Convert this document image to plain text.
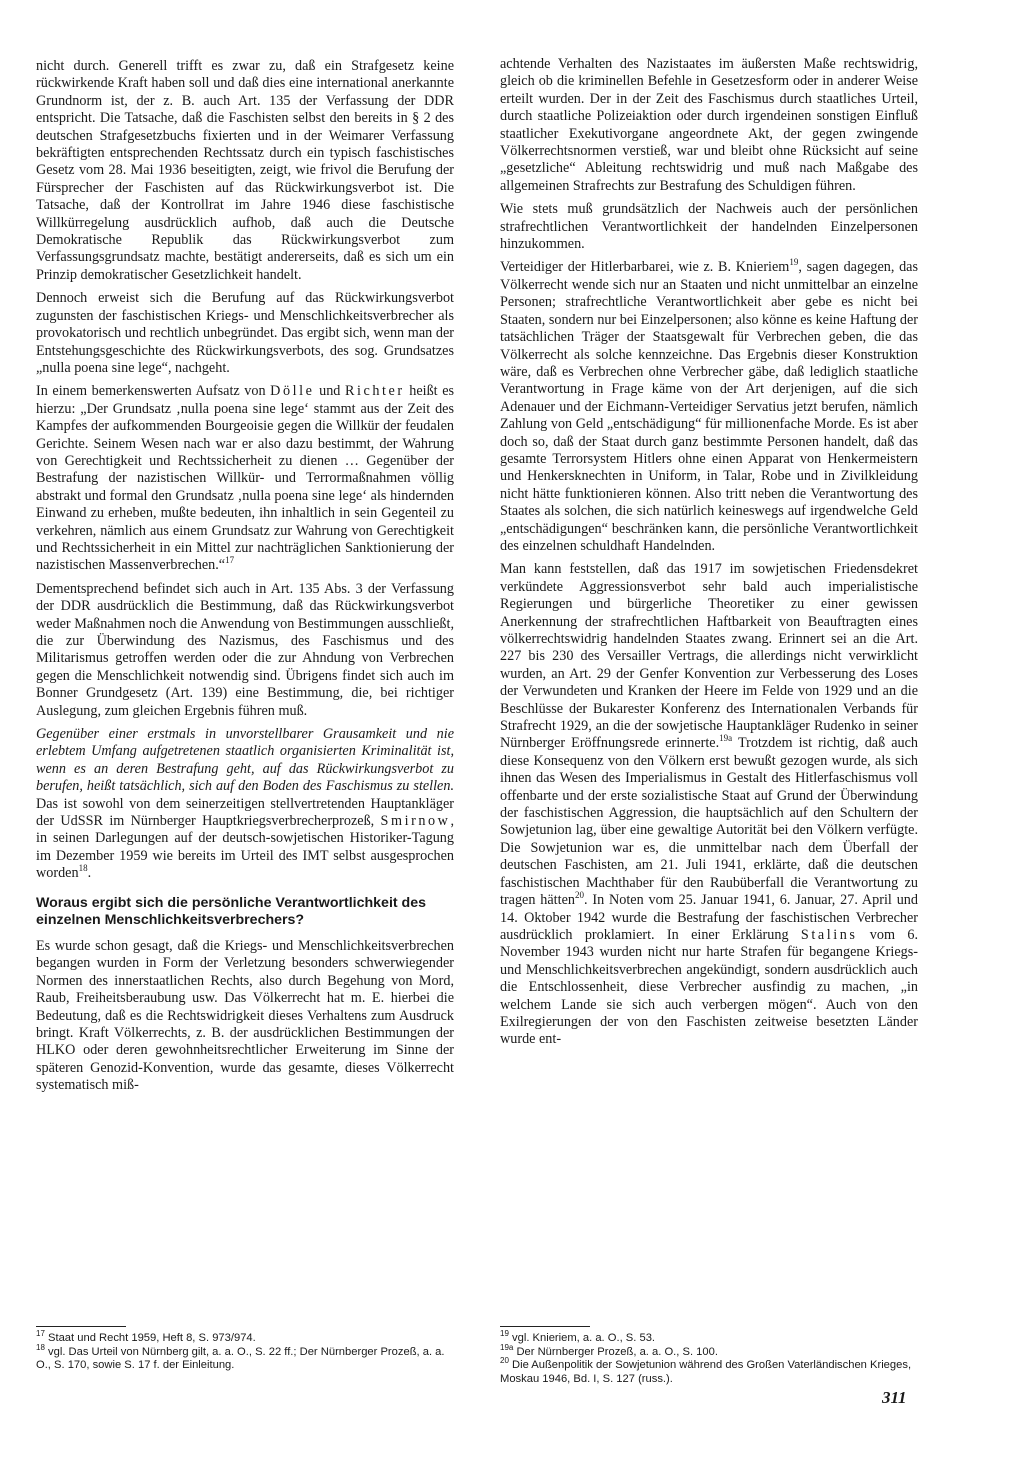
nicht durch. Generell trifft es zwar zu, daß ein Strafgesetz keine rückwirkende Kraft haben soll und daß dies eine international anerkannte Grundnorm ist, der z. B. auch Art. 135 der Verfassung der DDR entspricht. Die Tatsache, daß die Faschisten selbst den bereits in § 2 des deutschen Strafgesetzbuchs fixierten und in der Weimarer Verfassung bekräftigten entsprechenden Rechtssatz durch ein typisch faschistisches Gesetz vom 28. Mai 1936 beseitigten, zeigt, wie frivol die Berufung der Fürsprecher der Faschisten auf das Rückwirkungsverbot ist. Die Tatsache, daß der Kontrollrat im Jahre 1946 diese faschistische Willkürregelung ausdrücklich aufhob, daß auch die Deutsche Demokratische Republik das Rückwirkungsverbot zum Verfassungsgrundsatz machte, bestätigt andererseits, daß es sich um ein Prinzip demokratischer Gesetzlichkeit handelt.

Dennoch erweist sich die Berufung auf das Rückwirkungsverbot zugunsten der faschistischen Kriegs- und Menschlichkeitsverbrecher als provokatorisch und rechtlich unbegründet. Das ergibt sich, wenn man der Entstehungsgeschichte des Rückwirkungsverbots, des sog. Grundsatzes „nulla poena sine lege“, nachgeht.

In einem bemerkenswerten Aufsatz von Dölle und Richter heißt es hierzu: „Der Grundsatz ‚nulla poena sine lege‘ stammt aus der Zeit des Kampfes der aufkommenden Bourgeoisie gegen die Willkür der feudalen Gerichte. Seinem Wesen nach war er also dazu bestimmt, der Wahrung von Gerechtigkeit und Rechtssicherheit zu dienen … Gegenüber der Bestrafung der nazistischen Willkür- und Terrormaßnahmen völlig abstrakt und formal den Grundsatz ‚nulla poena sine lege‘ als hindernden Einwand zu erheben, mußte bedeuten, ihn inhaltlich in sein Gegenteil zu verkehren, nämlich aus einem Grundsatz zur Wahrung von Gerechtigkeit und Rechtssicherheit in ein Mittel zur nachträglichen Sanktionierung der nazistischen Massenverbrechen.“$^{17}$

Dementsprechend befindet sich auch in Art. 135 Abs. 3 der Verfassung der DDR ausdrücklich die Bestimmung, daß das Rückwirkungsverbot weder Maßnahmen noch die Anwendung von Bestimmungen ausschließt, die zur Überwindung des Nazismus, des Faschismus und des Militarismus getroffen werden oder die zur Ahndung von Verbrechen gegen die Menschlichkeit notwendig sind. Übrigens findet sich auch im Bonner Grundgesetz (Art. 139) eine Bestimmung, die, bei richtiger Auslegung, zum gleichen Ergebnis führen muß.

Gegenüber einer erstmals in unvorstellbarer Grausamkeit und nie erlebtem Umfang aufgetretenen staatlich organisierten Kriminalität ist, wenn es an deren Bestrafung geht, auf das Rückwirkungsverbot zu berufen, heißt tatsächlich, sich auf den Boden des Faschismus zu stellen. Das ist sowohl von dem seinerzeitigen stellvertretenden Hauptankläger der UdSSR im Nürnberger Hauptkriegsverbrecherprozeß, Smirnow, in seinen Darlegungen auf der deutsch-sowjetischen Historiker-Tagung im Dezember 1959 wie bereits im Urteil des IMT selbst ausgesprochen worden$^{18}$.

Woraus ergibt sich die persönliche Verantwortlichkeit des einzelnen Menschlichkeitsverbrechers?

Es wurde schon gesagt, daß die Kriegs- und Menschlichkeitsverbrechen begangen wurden in Form der Verletzung besonders schwerwiegender Normen des innerstaatlichen Rechts, also durch Begehung von Mord, Raub, Freiheitsberaubung usw. Das Völkerrecht hat m. E. hierbei die Bedeutung, daß es die Rechtswidrigkeit dieses Verhaltens zum Ausdruck bringt. Kraft Völkerrechts, z. B. der ausdrücklichen Bestimmungen der HLKO oder deren gewohnheitsrechtlicher Erweiterung im Sinne der späteren Genozid-Konvention, wurde das gesamte, dieses Völkerrecht systematisch miß-

achtende Verhalten des Nazistaates im äußersten Maße rechtswidrig, gleich ob die kriminellen Befehle in Gesetzesform oder in anderer Weise erteilt wurden. Der in der Zeit des Faschismus durch staatliches Urteil, durch staatliche Polizeiaktion oder durch irgendeinen sonstigen Einfluß staatlicher Exekutivorgane angeordnete Akt, der gegen zwingende Völkerrechtsnormen verstieß, war und bleibt ohne Rücksicht auf seine „gesetzliche“ Ableitung rechtswidrig und muß nach Maßgabe des allgemeinen Strafrechts zur Bestrafung des Schuldigen führen.

Wie stets muß grundsätzlich der Nachweis auch der persönlichen strafrechtlichen Verantwortlichkeit der handelnden Einzelpersonen hinzukommen.

Verteidiger der Hitlerbarbarei, wie z. B. Knieriem$^{19}$, sagen dagegen, das Völkerrecht wende sich nur an Staaten und nicht unmittelbar an einzelne Personen; strafrechtliche Verantwortlichkeit aber gebe es nicht bei Staaten, sondern nur bei Einzelpersonen; also könne es keine Haftung der tatsächlichen Träger der Staatsgewalt für Verbrechen geben, die das Völkerrecht als solche kennzeichne. Das Ergebnis dieser Konstruktion wäre, daß es Verbrechen ohne Verbrecher gäbe, daß lediglich staatliche Verantwortung in Frage käme von der Art derjenigen, auf die sich Adenauer und der Eichmann-Verteidiger Servatius jetzt berufen, nämlich Zahlung von Geld „entschädigung“ für millionenfache Morde. Es ist aber doch so, daß der Staat durch ganz bestimmte Personen handelt, daß das gesamte Terrorsystem Hitlers ohne einen Apparat von Henkermeistern und Henkersknechten in Uniform, in Talar, Robe und in Zivilkleidung nicht hätte funktionieren können. Also tritt neben die Verantwortung des Staates als solchen, die sich natürlich keineswegs auf irgendwelche Geld „entschädigungen“ beschränken kann, die persönliche Verantwortlichkeit des einzelnen schuldhaft Handelnden.

Man kann feststellen, daß das 1917 im sowjetischen Friedensdekret verkündete Aggressionsverbot sehr bald auch imperialistische Regierungen und bürgerliche Theoretiker zu einer gewissen Anerkennung der strafrechtlichen Haftbarkeit von Beauftragten eines völkerrechtswidrig handelnden Staates zwang. Erinnert sei an die Art. 227 bis 230 des Versailler Vertrags, die allerdings nicht verwirklicht wurden, an Art. 29 der Genfer Konvention zur Verbesserung des Loses der Verwundeten und Kranken der Heere im Felde von 1929 und an die Beschlüsse der Bukarester Konferenz des Internationalen Verbands für Strafrecht 1929, an die der sowjetische Hauptankläger Rudenko in seiner Nürnberger Eröffnungsrede erinnerte.$^{19a}$ Trotzdem ist richtig, daß auch diese Konsequenz von den Völkern erst bewußt gezogen wurde, als sich ihnen das Wesen des Imperialismus in Gestalt des Hitlerfaschismus voll offenbarte und der erste sozialistische Staat auf Grund der Überwindung der faschistischen Aggression, die hauptsächlich auf den Schultern der Sowjetunion lag, über eine gewaltige Autorität bei den Völkern verfügte. Die Sowjetunion war es, die unmittelbar nach dem Überfall der deutschen Faschisten, am 21. Juli 1941, erklärte, daß die deutschen faschistischen Machthaber für den Raubüberfall die Verantwortung zu tragen hätten$^{20}$. In Noten vom 25. Januar 1941, 6. Januar, 27. April und 14. Oktober 1942 wurde die Bestrafung der faschistischen Verbrecher ausdrücklich proklamiert. In einer Erklärung Stalins vom 6. November 1943 wurden nicht nur harte Strafen für begangene Kriegs- und Menschlichkeitsverbrechen angekündigt, sondern ausdrücklich auch die Entschlossenheit, diese Verbrecher ausfindig zu machen, „in welchem Lande sie sich auch verbergen mögen“. Auch von den Exilregierungen der von den Faschisten zeitweise besetzten Länder wurde ent-

$^{17}$ Staat und Recht 1959, Heft 8, S. 973/974.
$^{18}$ vgl. Das Urteil von Nürnberg gilt, a. a. O., S. 22 ff.; Der Nürnberger Prozeß, a. a. O., S. 170, sowie S. 17 f. der Einleitung.
$^{19}$ vgl. Knieriem, a. a. O., S. 53.
$^{19a}$ Der Nürnberger Prozeß, a. a. O., S. 100.
$^{20}$ Die Außenpolitik der Sowjetunion während des Großen Vaterländischen Krieges, Moskau 1946, Bd. I, S. 127 (russ.).
311
